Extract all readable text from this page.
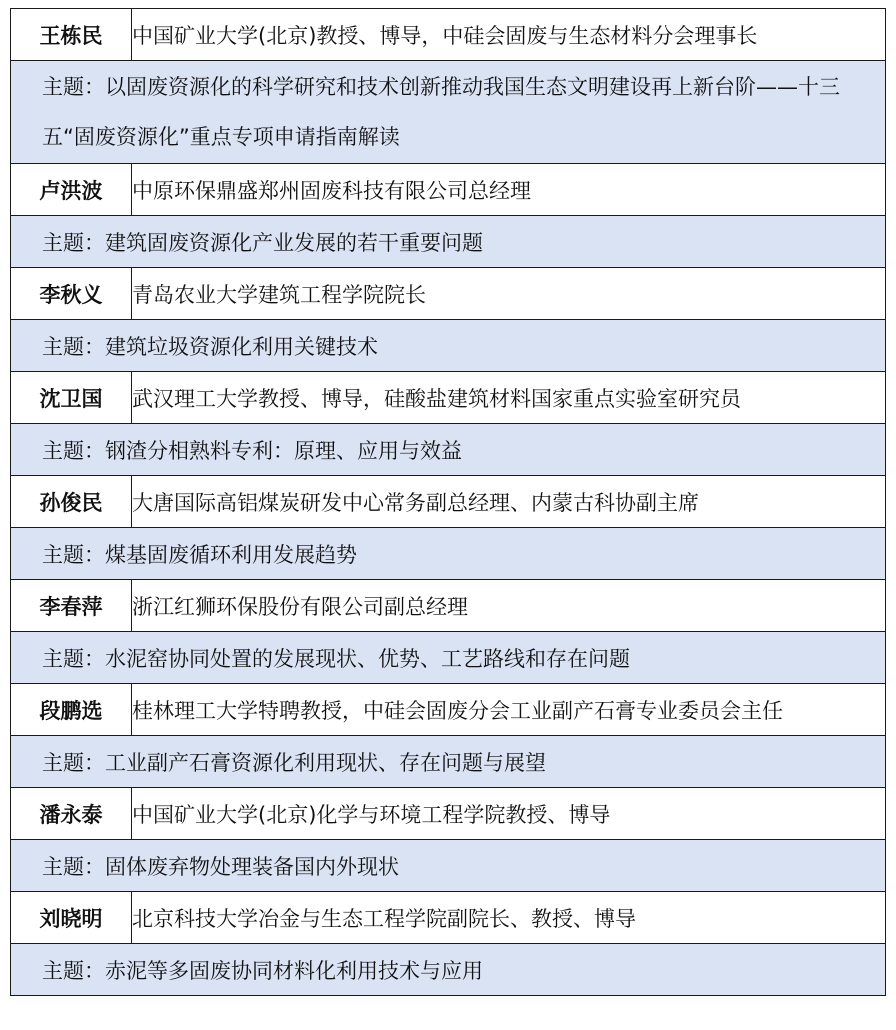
王栋民	中国矿业大学(北京)教授、博导，中硅会固废与生态材料分会理事长
主题：以固废资源化的科学研究和技术创新推动我国生态文明建设再上新台阶——十三五“固废资源化”重点专项申请指南解读	
卢洪波	中原环保鼎盛郑州固废科技有限公司总经理
主题：建筑固废资源化产业发展的若干重要问题	
李秋义	青岛农业大学建筑工程学院院长
主题：建筑垃圾资源化利用关键技术	
沈卫国	武汉理工大学教授、博导，硅酸盐建筑材料国家重点实验室研究员
主题：钢渣分相熟料专利：原理、应用与效益	
孙俊民	大唐国际高铝煤炭研发中心常务副总经理、内蒙古科协副主席
主题：煤基固废循环利用发展趋势	
李春萍	浙江红狮环保股份有限公司副总经理
主题：水泥窑协同处置的发展现状、优势、工艺路线和存在问题	
段鹏选	桂林理工大学特聘教授，中硅会固废分会工业副产石膏专业委员会主任
主题：工业副产石膏资源化利用现状、存在问题与展望	
潘永泰	中国矿业大学(北京)化学与环境工程学院教授、博导
主题：固体废弃物处理装备国内外现状	
刘晓明	北京科技大学冶金与生态工程学院副院长、教授、博导
主题：赤泥等多固废协同材料化利用技术与应用	
